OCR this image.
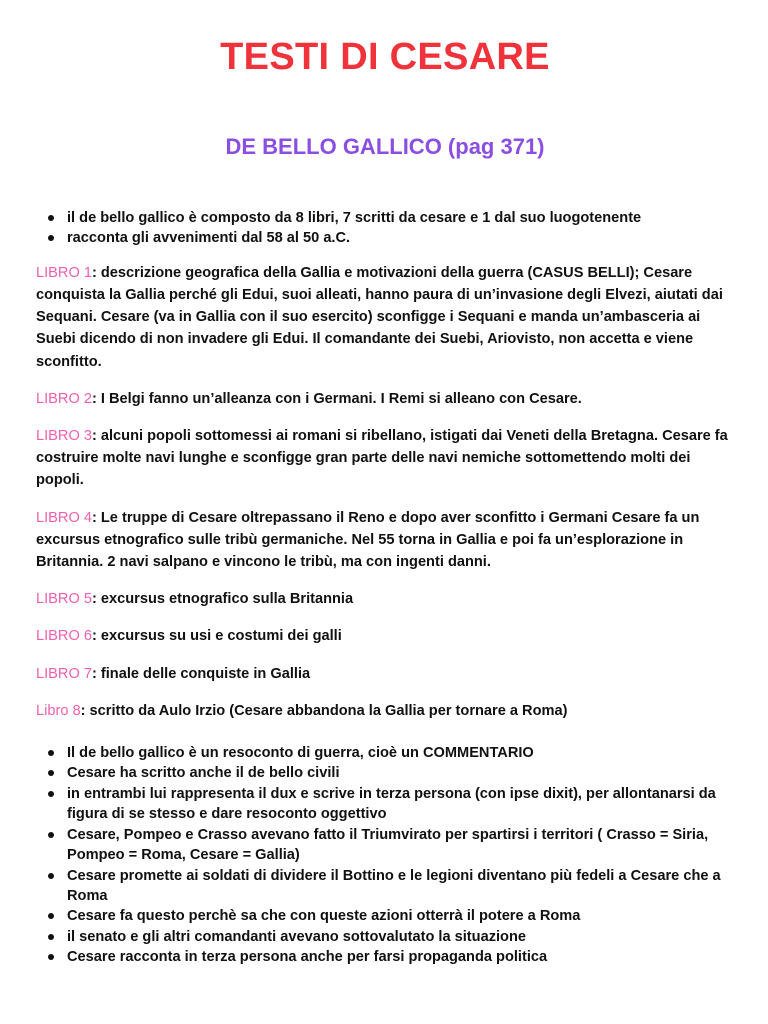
TESTI DI CESARE
DE BELLO GALLICO (pag 371)
il de bello gallico è composto da 8 libri, 7 scritti da cesare e 1 dal suo luogotenente
racconta gli avvenimenti dal 58 al 50 a.C.

LIBRO 1: descrizione geografica della Gallia e motivazioni della guerra (CASUS BELLI); Cesare conquista la Gallia perché gli Edui, suoi alleati, hanno paura di un’invasione degli Elvezi, aiutati dai Sequani. Cesare (va in Gallia con il suo esercito) sconfigge i Sequani e manda un’ambasceria ai Suebi dicendo di non invadere gli Edui. Il comandante dei Suebi, Ariovisto, non accetta e viene sconfitto.

LIBRO 2: I Belgi fanno un’alleanza con i Germani. I Remi si alleano con Cesare.

LIBRO 3: alcuni popoli sottomessi ai romani si ribellano, istigati dai Veneti della Bretagna. Cesare fa costruire molte navi lunghe e sconfigge gran parte delle navi nemiche sottomettendo molti dei popoli.

LIBRO 4: Le truppe di Cesare oltrepassano il Reno e dopo aver sconfitto i Germani Cesare fa un excursus etnografico sulle tribù germaniche. Nel 55 torna in Gallia e poi fa un’esplorazione in Britannia. 2 navi salpano e vincono le tribù, ma con ingenti danni.

LIBRO 5: excursus etnografico sulla Britannia

LIBRO 6: excursus su usi e costumi dei galli

LIBRO 7: finale delle conquiste in Gallia

Libro 8: scritto da Aulo Irzio (Cesare abbandona la Gallia per tornare a Roma)

Il de bello gallico è un resoconto di guerra, cioè un COMMENTARIO
Cesare ha scritto anche il de bello civili
in entrambi lui rappresenta il dux e scrive in terza persona (con ipse dixit), per allontanarsi da figura di se stesso e dare resoconto oggettivo
Cesare, Pompeo e Crasso avevano fatto il Triumvirato per spartirsi i territori ( Crasso = Siria, Pompeo = Roma, Cesare = Gallia)
Cesare promette ai soldati di dividere il Bottino e le legioni diventano più fedeli a Cesare che a Roma
Cesare fa questo perchè sa che con queste azioni otterrà il potere a Roma
il senato e gli altri comandanti avevano sottovalutato la situazione
Cesare racconta in terza persona anche per farsi propaganda politica
